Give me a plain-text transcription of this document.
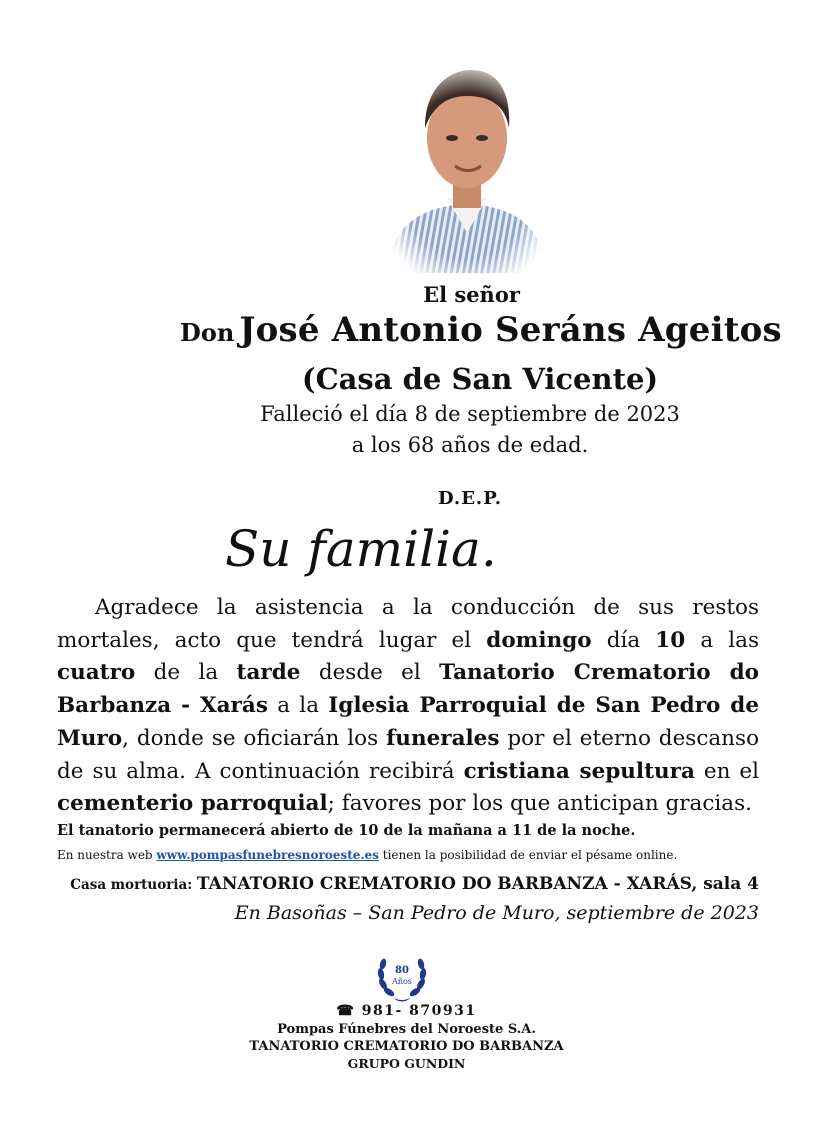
El señor
Don José Antonio Seráns Ageitos
(Casa de San Vicente)
Falleció el día 8 de septiembre de 2023
a los 68 años de edad.
D.E.P.
Su familia.

Agradece la asistencia a la conducción de sus restos mortales, acto que tendrá lugar el domingo día 10 a las cuatro de la tarde desde el Tanatorio Crematorio do Barbanza - Xarás a la Iglesia Parroquial de San Pedro de Muro, donde se oficiarán los funerales por el eterno descanso de su alma. A continuación recibirá cristiana sepultura en el cementerio parroquial; favores por los que anticipan gracias.

El tanatorio permanecerá abierto de 10 de la mañana a 11 de la noche.

En nuestra web www.pompasfunebresnoroeste.es tienen la posibilidad de enviar el pésame online.

Casa mortuoria: TANATORIO CREMATORIO DO BARBANZA - XARÁS, sala 4
En Basoñas – San Pedro de Muro, septiembre de 2023
80
Años
☎ 981- 870931
Pompas Fúnebres del Noroeste S.A.
TANATORIO CREMATORIO DO BARBANZA
GRUPO GUNDIN
